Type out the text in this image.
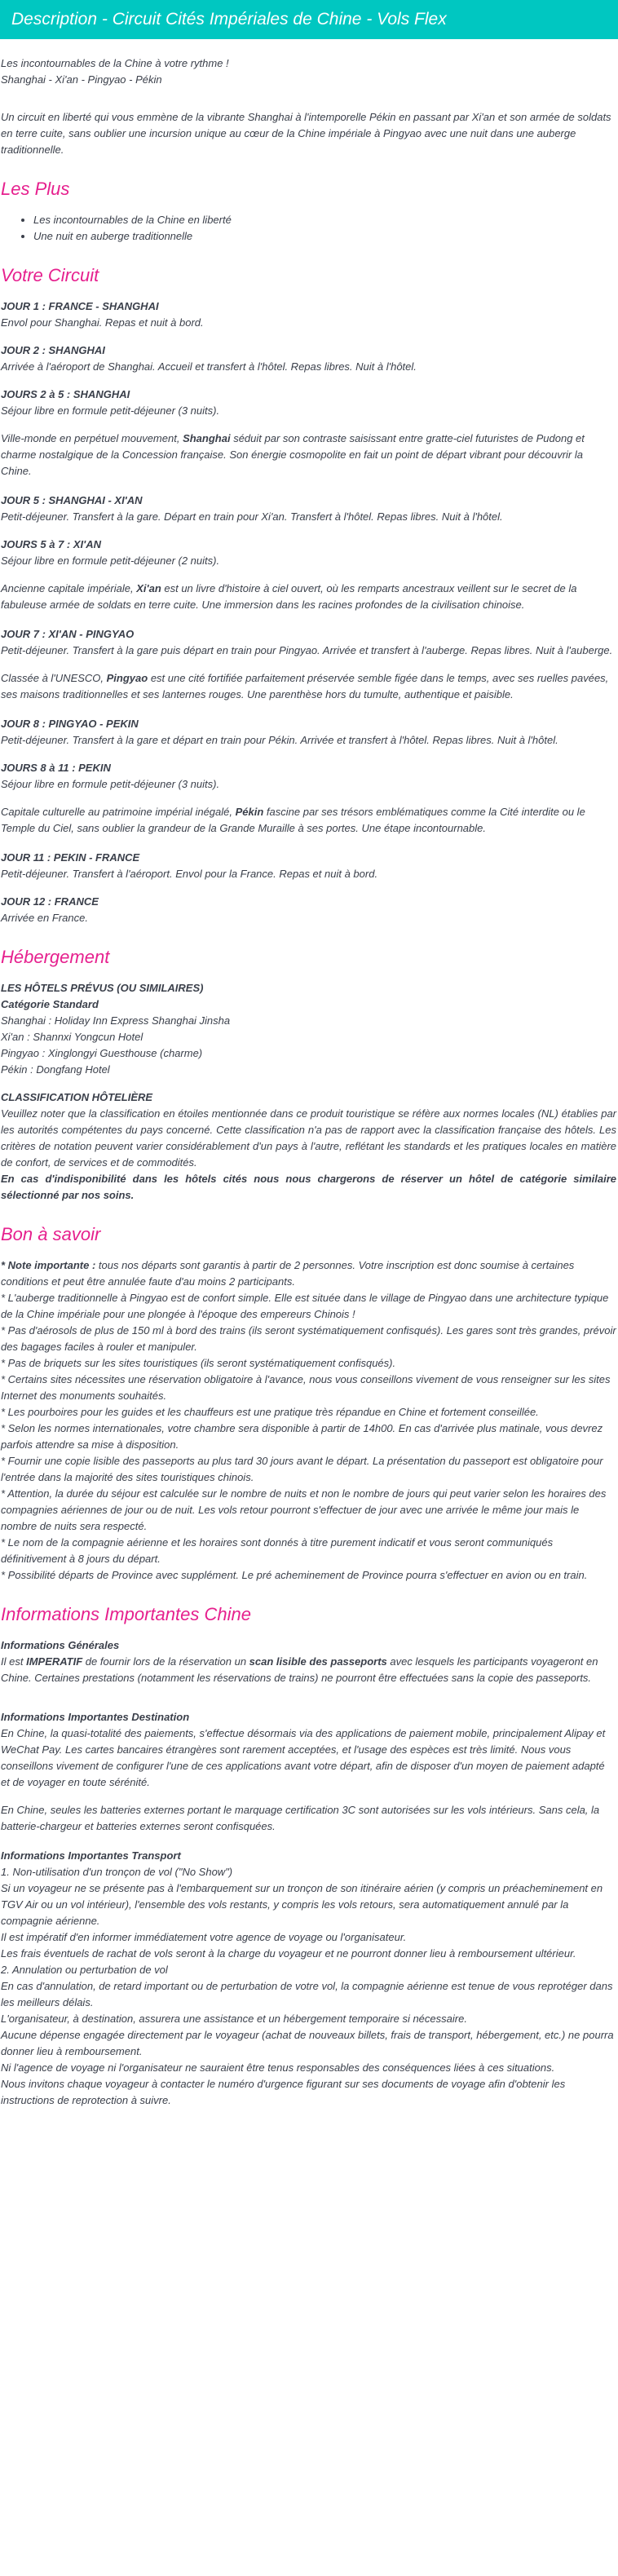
Description - Circuit Cités Impériales de Chine - Vols Flex

Les incontournables de la Chine à votre rythme !
Shanghai - Xi'an - Pingyao - Pékin

Un circuit en liberté qui vous emmène de la vibrante Shanghai à l'intemporelle Pékin en passant par Xi'an et son armée de soldats en terre cuite, sans oublier une incursion unique au cœur de la Chine impériale à Pingyao avec une nuit dans une auberge traditionnelle.

Les Plus
• Les incontournables de la Chine en liberté
• Une nuit en auberge traditionnelle
Votre Circuit
JOUR 1 : FRANCE - SHANGHAI
Envol pour Shanghai. Repas et nuit à bord.
JOUR 2 : SHANGHAI
Arrivée à l'aéroport de Shanghai. Accueil et transfert à l'hôtel. Repas libres. Nuit à l'hôtel.
JOURS 2 à 5 : SHANGHAI
Séjour libre en formule petit-déjeuner (3 nuits).

Ville-monde en perpétuel mouvement, Shanghai séduit par son contraste saisissant entre gratte-ciel futuristes de Pudong et charme nostalgique de la Concession française. Son énergie cosmopolite en fait un point de départ vibrant pour découvrir la Chine.

JOUR 5 : SHANGHAI - XI'AN
Petit-déjeuner. Transfert à la gare. Départ en train pour Xi'an. Transfert à l'hôtel. Repas libres. Nuit à l'hôtel.
JOURS 5 à 7 : XI'AN
Séjour libre en formule petit-déjeuner (2 nuits).

Ancienne capitale impériale, Xi'an est un livre d'histoire à ciel ouvert, où les remparts ancestraux veillent sur le secret de la fabuleuse armée de soldats en terre cuite. Une immersion dans les racines profondes de la civilisation chinoise.

JOUR 7 : XI'AN - PINGYAO
Petit-déjeuner. Transfert à la gare puis départ en train pour Pingyao. Arrivée et transfert à l'auberge. Repas libres. Nuit à l'auberge.

Classée à l'UNESCO, Pingyao est une cité fortifiée parfaitement préservée semble figée dans le temps, avec ses ruelles pavées, ses maisons traditionnelles et ses lanternes rouges. Une parenthèse hors du tumulte, authentique et paisible.

JOUR 8 : PINGYAO - PEKIN
Petit-déjeuner. Transfert à la gare et départ en train pour Pékin. Arrivée et transfert à l'hôtel. Repas libres. Nuit à l'hôtel.
JOURS 8 à 11 : PEKIN
Séjour libre en formule petit-déjeuner (3 nuits).

Capitale culturelle au patrimoine impérial inégalé, Pékin fascine par ses trésors emblématiques comme la Cité interdite ou le Temple du Ciel, sans oublier la grandeur de la Grande Muraille à ses portes. Une étape incontournable.

JOUR 11 : PEKIN - FRANCE
Petit-déjeuner. Transfert à l'aéroport. Envol pour la France. Repas et nuit à bord.
JOUR 12 : FRANCE
Arrivée en France.
Hébergement
LES HÔTELS PRÉVUS (OU SIMILAIRES)
Catégorie Standard
Shanghai : Holiday Inn Express Shanghai Jinsha
Xi'an : Shannxi Yongcun Hotel
Pingyao : Xinglongyi Guesthouse (charme)
Pékin : Dongfang Hotel
CLASSIFICATION HÔTELIÈRE
Veuillez noter que la classification en étoiles mentionnée dans ce produit touristique se réfère aux normes locales (NL) établies par les autorités compétentes du pays concerné. Cette classification n'a pas de rapport avec la classification française des hôtels. Les critères de notation peuvent varier considérablement d'un pays à l'autre, reflétant les standards et les pratiques locales en matière de confort, de services et de commodités.
En cas d'indisponibilité dans les hôtels cités nous nous chargerons de réserver un hôtel de catégorie similaire sélectionné par nos soins.
Bon à savoir
* Note importante : tous nos départs sont garantis à partir de 2 personnes. Votre inscription est donc soumise à certaines conditions et peut être annulée faute d'au moins 2 participants.
* L'auberge traditionnelle à Pingyao est de confort simple. Elle est située dans le village de Pingyao dans une architecture typique de la Chine impériale pour une plongée à l'époque des empereurs Chinois !
* Pas d'aérosols de plus de 150 ml à bord des trains (ils seront systématiquement confisqués). Les gares sont très grandes, prévoir des bagages faciles à rouler et manipuler.
* Pas de briquets sur les sites touristiques (ils seront systématiquement confisqués).
* Certains sites nécessites une réservation obligatoire à l'avance, nous vous conseillons vivement de vous renseigner sur les sites Internet des monuments souhaités.
* Les pourboires pour les guides et les chauffeurs est une pratique très répandue en Chine et fortement conseillée.
* Selon les normes internationales, votre chambre sera disponible à partir de 14h00. En cas d'arrivée plus matinale, vous devrez parfois attendre sa mise à disposition.
* Fournir une copie lisible des passeports au plus tard 30 jours avant le départ. La présentation du passeport est obligatoire pour l'entrée dans la majorité des sites touristiques chinois.
* Attention, la durée du séjour est calculée sur le nombre de nuits et non le nombre de jours qui peut varier selon les horaires des compagnies aériennes de jour ou de nuit. Les vols retour pourront s'effectuer de jour avec une arrivée le même jour mais le nombre de nuits sera respecté.
* Le nom de la compagnie aérienne et les horaires sont donnés à titre purement indicatif et vous seront communiqués définitivement à 8 jours du départ.
* Possibilité départs de Province avec supplément. Le pré acheminement de Province pourra s'effectuer en avion ou en train.
Informations Importantes Chine
Informations Générales
Il est IMPERATIF de fournir lors de la réservation un scan lisible des passeports avec lesquels les participants voyageront en Chine. Certaines prestations (notamment les réservations de trains) ne pourront être effectuées sans la copie des passeports.
Informations Importantes Destination
En Chine, la quasi-totalité des paiements, s'effectue désormais via des applications de paiement mobile, principalement Alipay et WeChat Pay. Les cartes bancaires étrangères sont rarement acceptées, et l'usage des espèces est très limité. Nous vous conseillons vivement de configurer l'une de ces applications avant votre départ, afin de disposer d'un moyen de paiement adapté et de voyager en toute sérénité.

En Chine, seules les batteries externes portant le marquage certification 3C sont autorisées sur les vols intérieurs. Sans cela, la batterie-chargeur et batteries externes seront confisquées.

Informations Importantes Transport
1. Non-utilisation d'un tronçon de vol ("No Show")
Si un voyageur ne se présente pas à l'embarquement sur un tronçon de son itinéraire aérien (y compris un préacheminement en TGV Air ou un vol intérieur), l'ensemble des vols restants, y compris les vols retours, sera automatiquement annulé par la compagnie aérienne.
Il est impératif d'en informer immédiatement votre agence de voyage ou l'organisateur.
Les frais éventuels de rachat de vols seront à la charge du voyageur et ne pourront donner lieu à remboursement ultérieur.
2. Annulation ou perturbation de vol
En cas d'annulation, de retard important ou de perturbation de votre vol, la compagnie aérienne est tenue de vous reprotéger dans les meilleurs délais.
L'organisateur, à destination, assurera une assistance et un hébergement temporaire si nécessaire.
Aucune dépense engagée directement par le voyageur (achat de nouveaux billets, frais de transport, hébergement, etc.) ne pourra donner lieu à remboursement.
Ni l'agence de voyage ni l'organisateur ne sauraient être tenus responsables des conséquences liées à ces situations.
Nous invitons chaque voyageur à contacter le numéro d'urgence figurant sur ses documents de voyage afin d'obtenir les instructions de reprotection à suivre.
